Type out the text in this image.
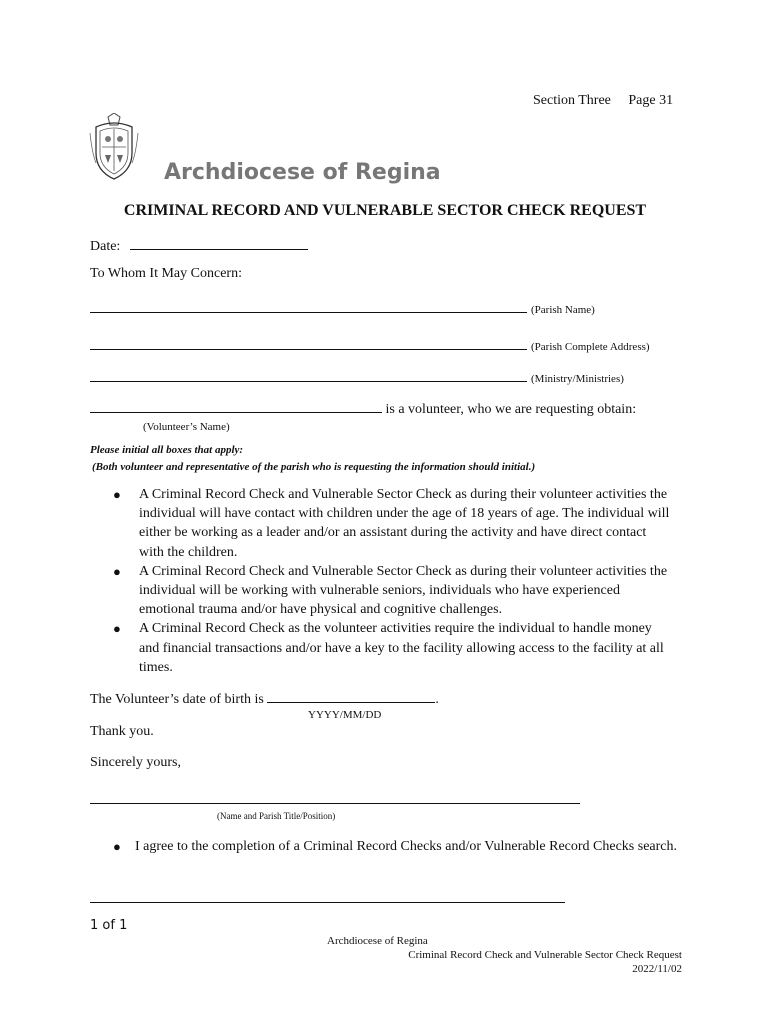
Section Three Page 31
Archdiocese of Regina
CRIMINAL RECORD AND VULNERABLE SECTOR CHECK REQUEST
Date:
To Whom It May Concern:
(Parish Name)
(Parish Complete Address)
(Ministry/Ministries)
is a volunteer, who we are requesting obtain:
(Volunteer’s Name)
Please initial all boxes that apply:
(Both volunteer and representative of the parish who is requesting the information should initial.)
● A Criminal Record Check and Vulnerable Sector Check as during their volunteer activities the individual will have contact with children under the age of 18 years of age. The individual will either be working as a leader and/or an assistant during the activity and have direct contact with the children.
● A Criminal Record Check and Vulnerable Sector Check as during their volunteer activities the individual will be working with vulnerable seniors, individuals who have experienced emotional trauma and/or have physical and cognitive challenges.
● A Criminal Record Check as the volunteer activities require the individual to handle money and financial transactions and/or have a key to the facility allowing access to the facility at all times.
The Volunteer’s date of birth is	.
YYYY/MM/DD
Thank you.
Sincerely yours,
(Name and Parish Title/Position)
● I agree to the completion of a Criminal Record Checks and/or Vulnerable Record Checks search.
1 of 1
Archdiocese of Regina
Criminal Record Check and Vulnerable Sector Check Request
2022/11/02
